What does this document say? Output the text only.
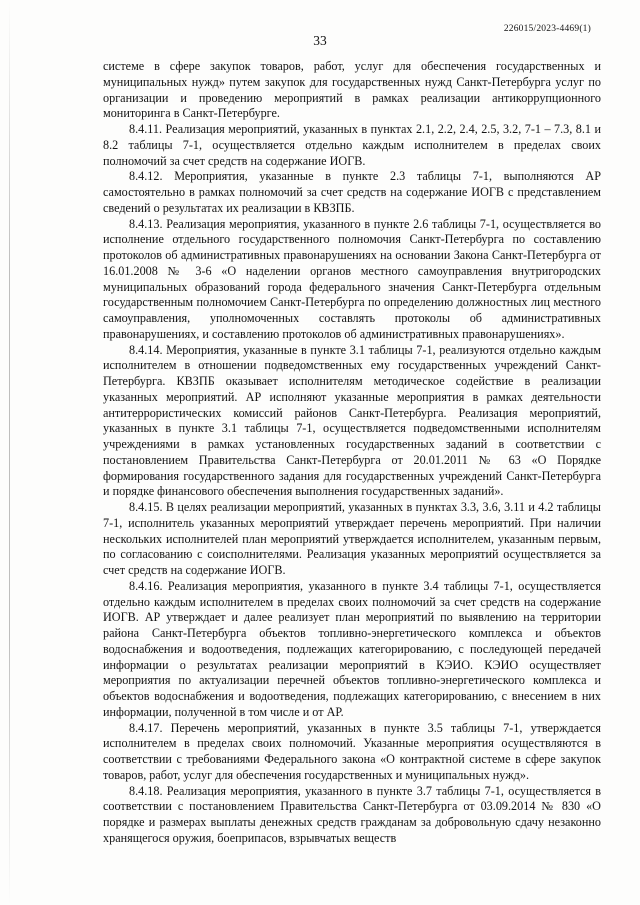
226015/2023-4469(1)
33

системе в сфере закупок товаров, работ, услуг для обеспечения государственных и муниципальных нужд» путем закупок для государственных нужд Санкт-Петербурга услуг по организации и проведению мероприятий в рамках реализации антикоррупционного мониторинга в Санкт-Петербурге.

8.4.11. Реализация мероприятий, указанных в пунктах 2.1, 2.2, 2.4, 2.5, 3.2, 7-1 – 7.3, 8.1 и 8.2 таблицы 7-1, осуществляется отдельно каждым исполнителем в пределах своих полномочий за счет средств на содержание ИОГВ.

8.4.12. Мероприятия, указанные в пункте 2.3 таблицы 7-1, выполняются АР самостоятельно в рамках полномочий за счет средств на содержание ИОГВ с представлением сведений о результатах их реализации в КВЗПБ.

8.4.13. Реализация мероприятия, указанного в пункте 2.6 таблицы 7-1, осуществляется во исполнение отдельного государственного полномочия Санкт-Петербурга по составлению протоколов об административных правонарушениях на основании Закона Санкт-Петербурга от 16.01.2008 № 3-6 «О наделении органов местного самоуправления внутригородских муниципальных образований города федерального значения Санкт-Петербурга отдельным государственным полномочием Санкт-Петербурга по определению должностных лиц местного самоуправления, уполномоченных составлять протоколы об административных правонарушениях, и составлению протоколов об административных правонарушениях».

8.4.14. Мероприятия, указанные в пункте 3.1 таблицы 7-1, реализуются отдельно каждым исполнителем в отношении подведомственных ему государственных учреждений Санкт-Петербурга. КВЗПБ оказывает исполнителям методическое содействие в реализации указанных мероприятий. АР исполняют указанные мероприятия в рамках деятельности антитеррористических комиссий районов Санкт-Петербурга. Реализация мероприятий, указанных в пункте 3.1 таблицы 7-1, осуществляется подведомственными исполнителям учреждениями в рамках установленных государственных заданий в соответствии с постановлением Правительства Санкт-Петербурга от 20.01.2011 № 63 «О Порядке формирования государственного задания для государственных учреждений Санкт-Петербурга и порядке финансового обеспечения выполнения государственных заданий».

8.4.15. В целях реализации мероприятий, указанных в пунктах 3.3, 3.6, 3.11 и 4.2 таблицы 7-1, исполнитель указанных мероприятий утверждает перечень мероприятий. При наличии нескольких исполнителей план мероприятий утверждается исполнителем, указанным первым, по согласованию с соисполнителями. Реализация указанных мероприятий осуществляется за счет средств на содержание ИОГВ.

8.4.16. Реализация мероприятия, указанного в пункте 3.4 таблицы 7-1, осуществляется отдельно каждым исполнителем в пределах своих полномочий за счет средств на содержание ИОГВ. АР утверждает и далее реализует план мероприятий по выявлению на территории района Санкт-Петербурга объектов топливно-энергетического комплекса и объектов водоснабжения и водоотведения, подлежащих категорированию, с последующей передачей информации о результатах реализации мероприятий в КЭИО. КЭИО осуществляет мероприятия по актуализации перечней объектов топливно-энергетического комплекса и объектов водоснабжения и водоотведения, подлежащих категорированию, с внесением в них информации, полученной в том числе и от АР.

8.4.17. Перечень мероприятий, указанных в пункте 3.5 таблицы 7-1, утверждается исполнителем в пределах своих полномочий. Указанные мероприятия осуществляются в соответствии с требованиями Федерального закона «О контрактной системе в сфере закупок товаров, работ, услуг для обеспечения государственных и муниципальных нужд».

8.4.18. Реализация мероприятия, указанного в пункте 3.7 таблицы 7-1, осуществляется в соответствии с постановлением Правительства Санкт-Петербурга от 03.09.2014 № 830 «О порядке и размерах выплаты денежных средств гражданам за добровольную сдачу незаконно хранящегося оружия, боеприпасов, взрывчатых веществ
